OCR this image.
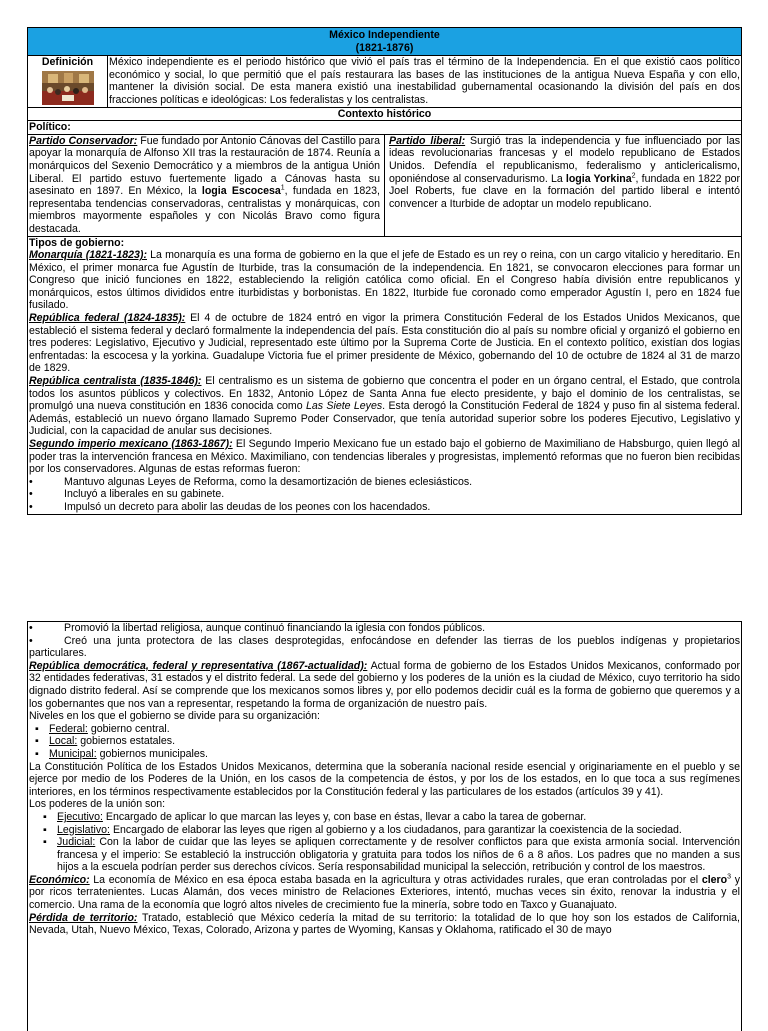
México Independiente
(1821-1876)
Definición	México independiente es el periodo histórico que vivió el país tras el término de la Independencia. En el que existió caos político económico y social, lo que permitió que el país restaurara las bases de las instituciones de la antigua Nueva España y con ello, mantener la división social. De esta manera existió una inestabilidad gubernamental ocasionando la división del país en dos fracciones políticas e ideológicas: Los federalistas y los centralistas.
Contexto histórico
Político:
Partido Conservador: Fue fundado por Antonio Cánovas del Castillo para apoyar la monarquía de Alfonso XII tras la restauración de 1874. Reunía a monárquicos del Sexenio Democrático y a miembros de la antigua Unión Liberal. El partido estuvo fuertemente ligado a Cánovas hasta su asesinato en 1897. En México, la logia Escocesa$^1$, fundada en 1823, representaba tendencias conservadoras, centralistas y monárquicas, con miembros mayormente españoles y con Nicolás Bravo como figura destacada.
Partido liberal: Surgió tras la independencia y fue influenciado por las ideas revolucionarias francesas y el modelo republicano de Estados Unidos. Defendía el republicanismo, federalismo y anticlericalismo, oponiéndose al conservadurismo. La logia Yorkina$^2$, fundada en 1822 por Joel Roberts, fue clave en la formación del partido liberal e intentó convencer a Iturbide de adoptar un modelo republicano.
Tipos de gobierno:
Monarquía (1821-1823): La monarquía es una forma de gobierno en la que el jefe de Estado es un rey o reina, con un cargo vitalicio y hereditario. En México, el primer monarca fue Agustín de Iturbide, tras la consumación de la independencia. En 1821, se convocaron elecciones para formar un Congreso que inició funciones en 1822, estableciendo la religión católica como oficial. En el Congreso había división entre republicanos y monárquicos, estos últimos divididos entre iturbidistas y borbonistas. En 1822, Iturbide fue coronado como emperador Agustín I, pero en 1824 fue fusilado.
República federal (1824-1835): El 4 de octubre de 1824 entró en vigor la primera Constitución Federal de los Estados Unidos Mexicanos, que estableció el sistema federal y declaró formalmente la independencia del país. Esta constitución dio al país su nombre oficial y organizó el gobierno en tres poderes: Legislativo, Ejecutivo y Judicial, representado este último por la Suprema Corte de Justicia. En el contexto político, existían dos logias enfrentadas: la escocesa y la yorkina. Guadalupe Victoria fue el primer presidente de México, gobernando del 10 de octubre de 1824 al 31 de marzo de 1829.
República centralista (1835-1846): El centralismo es un sistema de gobierno que concentra el poder en un órgano central, el Estado, que controla todos los asuntos públicos y colectivos. En 1832, Antonio López de Santa Anna fue electo presidente, y bajo el dominio de los centralistas, se promulgó una nueva constitución en 1836 conocida como Las Siete Leyes. Esta derogó la Constitución Federal de 1824 y puso fin al sistema federal. Además, estableció un nuevo órgano llamado Supremo Poder Conservador, que tenía autoridad superior sobre los poderes Ejecutivo, Legislativo y Judicial, con la capacidad de anular sus decisiones.
Segundo imperio mexicano (1863-1867): El Segundo Imperio Mexicano fue un estado bajo el gobierno de Maximiliano de Habsburgo, quien llegó al poder tras la intervención francesa en México. Maximiliano, con tendencias liberales y progresistas, implementó reformas que no fueron bien recibidas por los conservadores. Algunas de estas reformas fueron:
•	Mantuvo algunas Leyes de Reforma, como la desamortización de bienes eclesiásticos.
•	Incluyó a liberales en su gabinete.
•	Impulsó un decreto para abolir las deudas de los peones con los hacendados.
•	Promovió la libertad religiosa, aunque continuó financiando la iglesia con fondos públicos.
•	Creó una junta protectora de las clases desprotegidas, enfocándose en defender las tierras de los pueblos indígenas y propietarios particulares.
República democrática, federal y representativa (1867-actualidad): Actual forma de gobierno de los Estados Unidos Mexicanos, conformado por 32 entidades federativas, 31 estados y el distrito federal. La sede del gobierno y los poderes de la unión es la ciudad de México, cuyo territorio ha sido dignado distrito federal. Así se comprende que los mexicanos somos libres y, por ello podemos decidir cuál es la forma de gobierno que queremos y a los gobernantes que nos van a representar, respetando la forma de organización de nuestro país.
Niveles en los que el gobierno se divide para su organización:
▪ Federal: gobierno central.
▪ Local: gobiernos estatales.
▪ Municipal: gobiernos municipales.
La Constitución Política de los Estados Unidos Mexicanos, determina que la soberanía nacional reside esencial y originariamente en el pueblo y se ejerce por medio de los Poderes de la Unión, en los casos de la competencia de éstos, y por los de los estados, en lo que toca a sus regímenes interiores, en los términos respectivamente establecidos por la Constitución federal y las particulares de los estados (artículos 39 y 41).
Los poderes de la unión son:
▪ Ejecutivo: Encargado de aplicar lo que marcan las leyes y, con base en éstas, llevar a cabo la tarea de gobernar.
▪ Legislativo: Encargado de elaborar las leyes que rigen al gobierno y a los ciudadanos, para garantizar la coexistencia de la sociedad.
▪ Judicial: Con la labor de cuidar que las leyes se apliquen correctamente y de resolver conflictos para que exista armonía social. Intervención francesa y el imperio: Se estableció la instrucción obligatoria y gratuita para todos los niños de 6 a 8 años. Los padres que no manden a sus hijos a la escuela podrían perder sus derechos cívicos. Sería responsabilidad municipal la selección, retribución y control de los maestros.
Económico: La economía de México en esa época estaba basada en la agricultura y otras actividades rurales, que eran controladas por el clero$^3$ y por ricos terratenientes. Lucas Alamán, dos veces ministro de Relaciones Exteriores, intentó, muchas veces sin éxito, renovar la industria y el comercio. Una rama de la economía que logró altos niveles de crecimiento fue la minería, sobre todo en Taxco y Guanajuato.
Pérdida de territorio: Tratado, estableció que México cedería la mitad de su territorio: la totalidad de lo que hoy son los estados de California, Nevada, Utah, Nuevo México, Texas, Colorado, Arizona y partes de Wyoming, Kansas y Oklahoma, ratificado el 30 de mayo
